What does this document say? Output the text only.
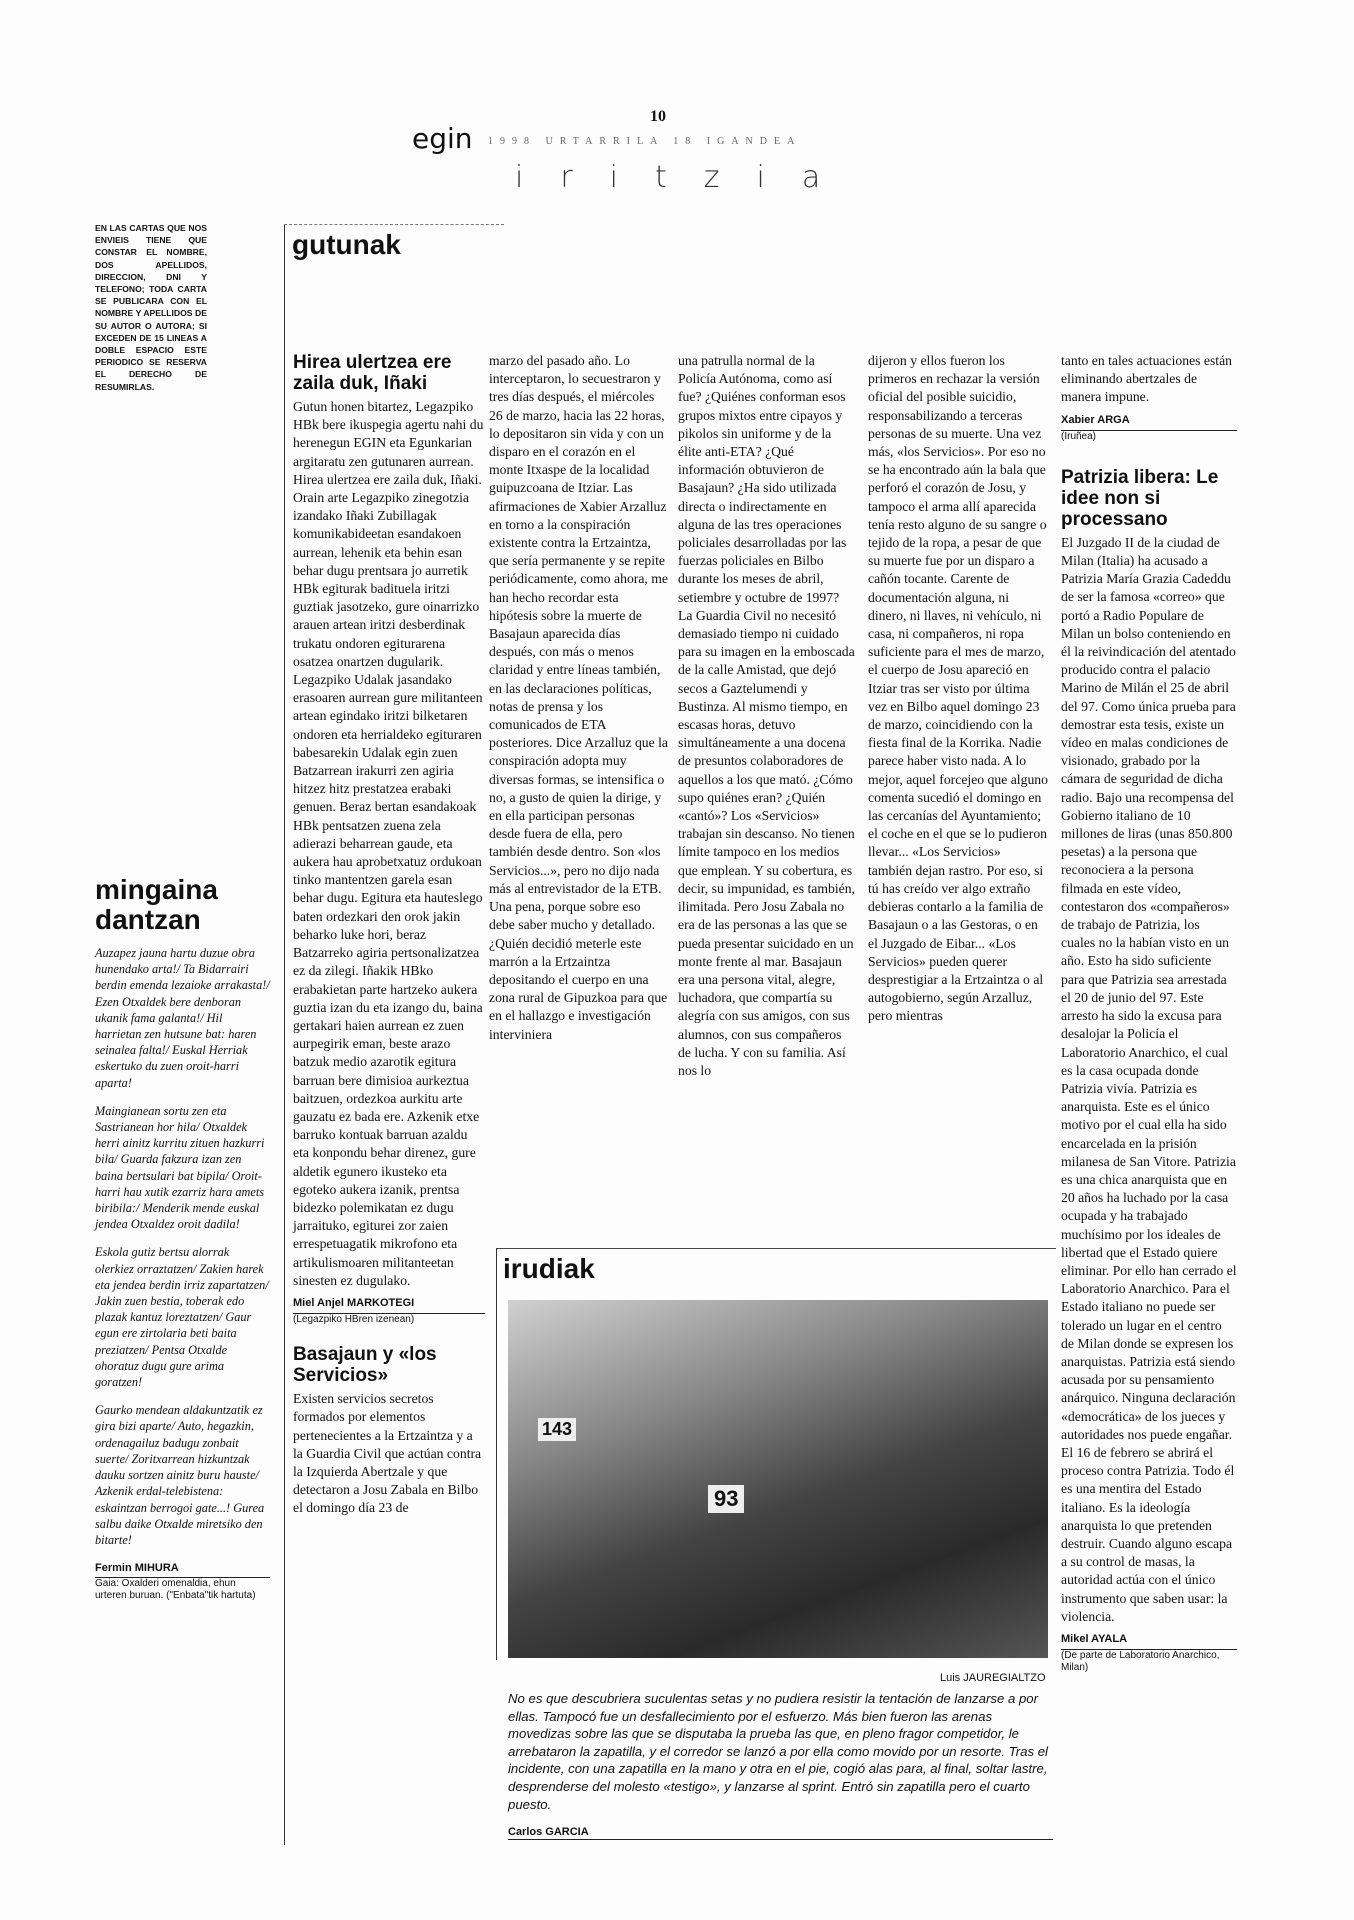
10
egin 1998 URTARRILA 18 IGANDEA
iritzia
EN LAS CARTAS QUE NOS ENVIEIS TIENE QUE CONSTAR EL NOMBRE, DOS APELLIDOS, DIRECCION, DNI Y TELEFONO; TODA CARTA SE PUBLICARA CON EL NOMBRE Y APELLIDOS DE SU AUTOR O AUTORA; SI EXCEDEN DE 15 LINEAS A DOBLE ESPACIO ESTE PERIODICO SE RESERVA EL DERECHO DE RESUMIRLAS.
gutunak
Hirea ulertzea ere zaila duk, Iñaki

Gutun honen bitartez, Legazpiko HBk bere ikuspegia agertu nahi du herenegun EGIN eta Egunkarian argitaratu zen gutunaren aurrean. Hirea ulertzea ere zaila duk, Iñaki. Orain arte Legazpiko zinegotzia izandako Iñaki Zubillagak komunikabideetan esandakoen aurrean, lehenik eta behin esan behar dugu prentsara jo aurretik HBk egiturak badituela iritzi guztiak jasotzeko, gure oinarrizko arauen artean iritzi desberdinak trukatu ondoren egiturarena osatzea onartzen dugularik. Legazpiko Udalak jasandako erasoaren aurrean gure militanteen artean egindako iritzi bilketaren ondoren eta herrialdeko egituraren babesarekin Udalak egin zuen Batzarrean irakurri zen agiria hitzez hitz prestatzea erabaki genuen. Beraz bertan esandakoak HBk pentsatzen zuena zela adierazi beharrean gaude, eta aukera hau aprobetxatuz ordukoan tinko mantentzen garela esan behar dugu. Egitura eta hauteslego baten ordezkari den orok jakin beharko luke hori, beraz Batzarreko agiria pertsonalizatzea ez da zilegi. Iñakik HBko erabakietan parte hartzeko aukera guztia izan du eta izango du, baina gertakari haien aurrean ez zuen aurpegirik eman, beste arazo batzuk medio azarotik egitura barruan bere dimisioa aurkeztua baitzuen, ordezkoa aurkitu arte gauzatu ez bada ere. Azkenik etxe barruko kontuak barruan azaldu eta konpondu behar direnez, gure aldetik egunero ikusteko eta egoteko aukera izanik, prentsa bidezko polemikatan ez dugu jarraituko, egiturei zor zaien errespetuagatik mikrofono eta artikulismoaren militanteetan sinesten ez dugulako.

Miel Anjel MARKOTEGI
(Legazpiko HBren izenean)
Basajaun y «los Servicios»

Existen servicios secretos formados por elementos pertenecientes a la Ertzaintza y a la Guardia Civil que actúan contra la Izquierda Abertzale y que detectaron a Josu Zabala en Bilbo el domingo día 23 de

marzo del pasado año. Lo interceptaron, lo secuestraron y tres días después, el miércoles 26 de marzo, hacia las 22 horas, lo depositaron sin vida y con un disparo en el corazón en el monte Itxaspe de la localidad guipuzcoana de Itziar. Las afirmaciones de Xabier Arzalluz en torno a la conspiración existente contra la Ertzaintza, que sería permanente y se repite periódicamente, como ahora, me han hecho recordar esta hipótesis sobre la muerte de Basajaun aparecida días después, con más o menos claridad y entre líneas también, en las declaraciones políticas, notas de prensa y los comunicados de ETA posteriores. Dice Arzalluz que la conspiración adopta muy diversas formas, se intensifica o no, a gusto de quien la dirige, y en ella participan personas desde fuera de ella, pero también desde dentro. Son «los Servicios...», pero no dijo nada más al entrevistador de la ETB. Una pena, porque sobre eso debe saber mucho y detallado. ¿Quién decidió meterle este marrón a la Ertzaintza depositando el cuerpo en una zona rural de Gipuzkoa para que en el hallazgo e investigación interviniera

una patrulla normal de la Policía Autónoma, como así fue? ¿Quiénes conforman esos grupos mixtos entre cipayos y pikolos sin uniforme y de la élite anti-ETA? ¿Qué información obtuvieron de Basajaun? ¿Ha sido utilizada directa o indirectamente en alguna de las tres operaciones policiales desarrolladas por las fuerzas policiales en Bilbo durante los meses de abril, setiembre y octubre de 1997? La Guardia Civil no necesitó demasiado tiempo ni cuidado para su imagen en la emboscada de la calle Amistad, que dejó secos a Gaztelumendi y Bustinza. Al mismo tiempo, en escasas horas, detuvo simultáneamente a una docena de presuntos colaboradores de aquellos a los que mató. ¿Cómo supo quiénes eran? ¿Quién «cantó»? Los «Servicios» trabajan sin descanso. No tienen límite tampoco en los medios que emplean. Y su cobertura, es decir, su impunidad, es también, ilimitada. Pero Josu Zabala no era de las personas a las que se pueda presentar suicidado en un monte frente al mar. Basajaun era una persona vital, alegre, luchadora, que compartía su alegría con sus amigos, con sus alumnos, con sus compañeros de lucha. Y con su familia. Así nos lo

dijeron y ellos fueron los primeros en rechazar la versión oficial del posible suicidio, responsabilizando a terceras personas de su muerte. Una vez más, «los Servicios». Por eso no se ha encontrado aún la bala que perforó el corazón de Josu, y tampoco el arma allí aparecida tenía resto alguno de su sangre o tejido de la ropa, a pesar de que su muerte fue por un disparo a cañón tocante. Carente de documentación alguna, ni dinero, ni llaves, ni vehículo, ni casa, ni compañeros, ni ropa suficiente para el mes de marzo, el cuerpo de Josu apareció en Itziar tras ser visto por última vez en Bilbo aquel domingo 23 de marzo, coincidiendo con la fiesta final de la Korrika. Nadie parece haber visto nada. A lo mejor, aquel forcejeo que alguno comenta sucedió el domingo en las cercanías del Ayuntamiento; el coche en el que se lo pudieron llevar... «Los Servicios» también dejan rastro. Por eso, si tú has creído ver algo extraño debieras contarlo a la familia de Basajaun o a las Gestoras, o en el Juzgado de Eibar... «Los Servicios» pueden querer desprestigiar a la Ertzaintza o al autogobierno, según Arzalluz, pero mientras

tanto en tales actuaciones están eliminando abertzales de manera impune.

Xabier ARGA
(Iruñea)
Patrizia libera: Le idee non si processano

El Juzgado II de la ciudad de Milan (Italia) ha acusado a Patrizia María Grazia Cadeddu de ser la famosa «correo» que portó a Radio Populare de Milan un bolso conteniendo en él la reivindicación del atentado producido contra el palacio Marino de Milán el 25 de abril del 97. Como única prueba para demostrar esta tesis, existe un vídeo en malas condiciones de visionado, grabado por la cámara de seguridad de dicha radio. Bajo una recompensa del Gobierno italiano de 10 millones de liras (unas 850.800 pesetas) a la persona que reconociera a la persona filmada en este vídeo, contestaron dos «compañeros» de trabajo de Patrizia, los cuales no la habían visto en un año. Esto ha sido suficiente para que Patrizia sea arrestada el 20 de junio del 97. Este arresto ha sido la excusa para desalojar la Policía el Laboratorio Anarchico, el cual es la casa ocupada donde Patrizia vivía. Patrizia es anarquista. Este es el único motivo por el cual ella ha sido encarcelada en la prisión milanesa de San Vitore. Patrizia es una chica anarquista que en 20 años ha luchado por la casa ocupada y ha trabajado muchísimo por los ideales de libertad que el Estado quiere eliminar. Por ello han cerrado el Laboratorio Anarchico. Para el Estado italiano no puede ser tolerado un lugar en el centro de Milan donde se expresen los anarquistas. Patrizia está siendo acusada por su pensamiento anárquico. Ninguna declaración «democrática» de los jueces y autoridades nos puede engañar. El 16 de febrero se abrirá el proceso contra Patrizia. Todo él es una mentira del Estado italiano. Es la ideología anarquista lo que pretenden destruir. Cuando alguno escapa a su control de masas, la autoridad actúa con el único instrumento que saben usar: la violencia.

Mikel AYALA
(De parte de Laboratorio Anarchico, Milan)
mingaina dantzan

Auzapez jauna hartu duzue obra hunendako arta!/ Ta Bidarrairi berdin emenda lezaioke arrakasta!/ Ezen Otxaldek bere denboran ukanik fama galanta!/ Hil harrietan zen hutsune bat: haren seinalea falta!/ Euskal Herriak eskertuko du zuen oroit-harri aparta!

Maingianean sortu zen eta Sastrianean hor hila/ Otxaldek herri ainitz kurritu zituen hazkurri bila/ Guarda fakzura izan zen baina bertsulari bat bipila/ Oroit-harri hau xutik ezarriz hara amets biribila:/ Menderik mende euskal jendea Otxaldez oroit dadila!

Eskola gutiz bertsu alorrak olerkiez orraztatzen/ Zakien harek eta jendea berdin irriz zapartatzen/ Jakin zuen bestia, toberak edo plazak kantuz loreztatzen/ Gaur egun ere zirtolaria beti baita preziatzen/ Pentsa Otxalde ohoratuz dugu gure arima goratzen!

Gaurko mendean aldakuntzatik ez gira bizi aparte/ Auto, hegazkin, ordenagailuz badugu zonbait suerte/ Zoritxarrean hizkuntzak dauku sortzen ainitz buru hauste/ Azkenik erdal-telebistena: eskaintzan berrogoi gate...! Gurea salbu daike Otxalde miretsiko den bitarte!

Fermin MIHURA
Gaia: Oxalderi omenaldia, ehun urteren buruan. ("Enbata"tik hartuta)
irudiak
143
93
Luis JAUREGIALTZO
No es que descubriera suculentas setas y no pudiera resistir la tentación de lanzarse a por ellas. Tampocó fue un desfallecimiento por el esfuerzo. Más bien fueron las arenas movedizas sobre las que se disputaba la prueba las que, en pleno fragor competidor, le arrebataron la zapatilla, y el corredor se lanzó a por ella como movido por un resorte. Tras el incidente, con una zapatilla en la mano y otra en el pie, cogió alas para, al final, soltar lastre, desprenderse del molesto «testigo», y lanzarse al sprint. Entró sin zapatilla pero el cuarto puesto.
Carlos GARCIA
